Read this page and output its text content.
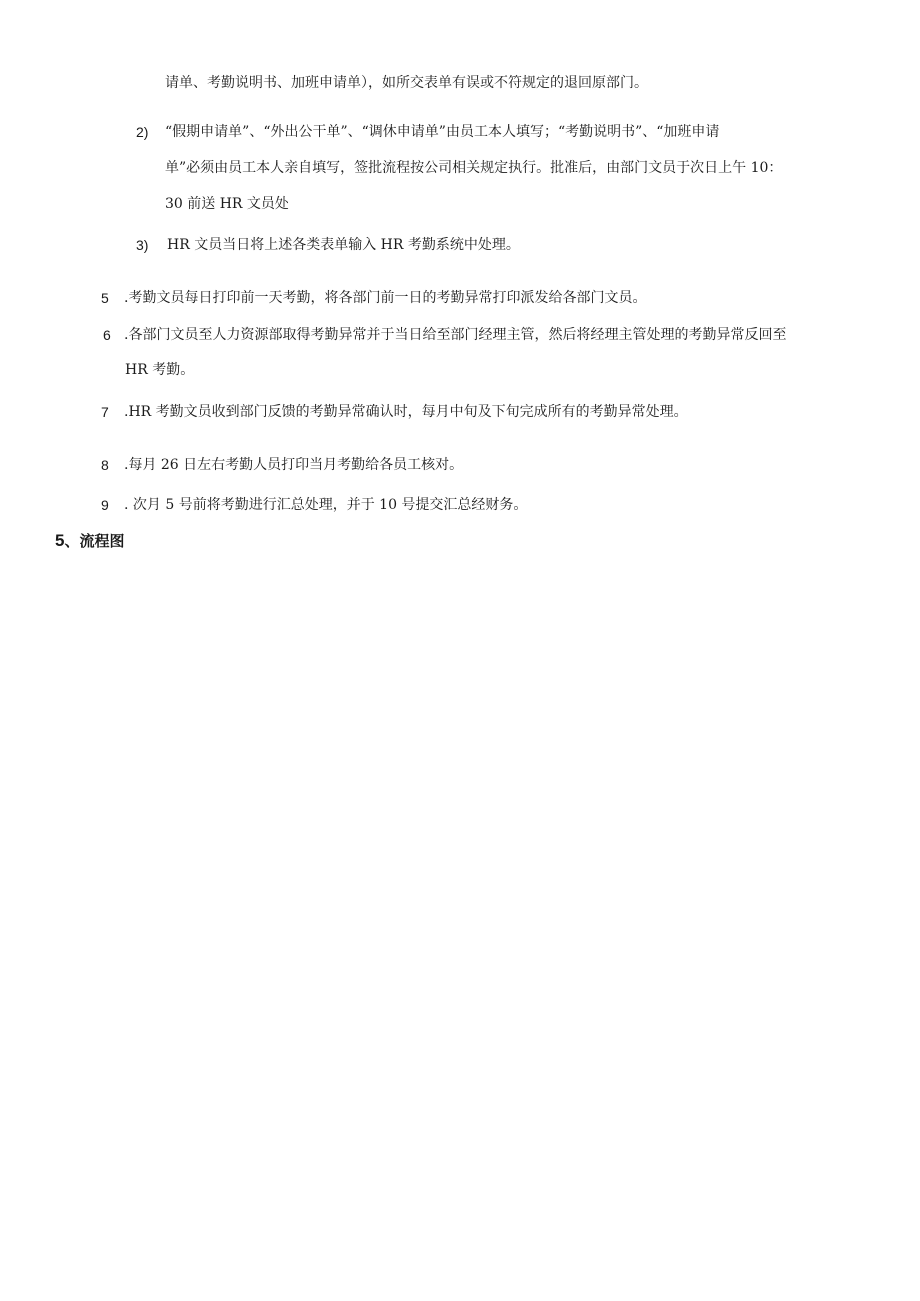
请单、考勤说明书、加班申请单），如所交表单有误或不符规定的退回原部门。
2) “假期申请单”、“外出公干单”、“调休申请单”由员工本人填写；“考勤说明书”、“加班申请
单”必须由员工本人亲自填写，签批流程按公司相关规定执行。批准后，由部门文员于次日上午 10：
30 前送 HR 文员处
3) HR 文员当日将上述各类表单输入 HR 考勤系统中处理。
5 .考勤文员每日打印前一天考勤，将各部门前一日的考勤异常打印派发给各部门文员。
6 .各部门文员至人力资源部取得考勤异常并于当日给至部门经理主管，然后将经理主管处理的考勤异常反回至
HR 考勤。
7 .HR 考勤文员收到部门反馈的考勤异常确认时，每月中旬及下旬完成所有的考勤异常处理。
8 .每月 26 日左右考勤人员打印当月考勤给各员工核对。
9 . 次月 5 号前将考勤进行汇总处理，并于 10 号提交汇总经财务。
5、流程图
